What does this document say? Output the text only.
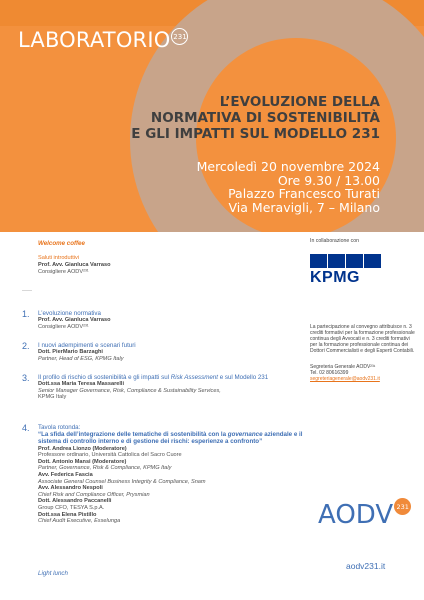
LABORATORIO 231
L’EVOLUZIONE DELLA
NORMATIVA DI SOSTENIBILITÀ
E GLI IMPATTI SUL MODELLO 231
Mercoledì 20 novembre 2024
Ore 9.30 / 13.00
Palazzo Francesco Turati
Via Meravigli, 7 – Milano
Welcome coffee
Saluti introduttivi
Prof. Avv. Gianluca Varraso
Consigliere AODV²³¹
1.	L’evoluzione normativa
Prof. Avv. Gianluca Varraso
Consigliere AODV²³¹
2.	I nuovi adempimenti e scenari futuri
Dott. PierMario Barzaghi
Partner, Head of ESG, KPMG Italy
3.	Il profilo di rischio di sostenibilità e gli impatti sul Risk Assessment e sul Modello 231
Dott.ssa Maria Teresa Massarelli
Senior Manager Governance, Risk, Compliance & Sustainability Services,
KPMG Italy
4.	Tavola rotonda:
“La sfida dell’integrazione delle tematiche di sostenibilità con la governance aziendale e il sistema di controllo interno e di gestione dei rischi: esperienze a confronto”
Prof. Andrea Lionzo (Moderatore)
Professore ordinario, Università Cattolica del Sacro Cuore
Dott. Antonio Mansi (Moderatore)
Partner, Governance, Risk & Compliance, KPMG Italy
Avv. Federica Fascia
Associate General Counsel Business Integrity & Compliance, Snam
Avv. Alessandro Nespoli
Chief Risk and Compliance Officer, Prysmian
Dott. Alessandro Paccanelli
Group CFO, TESYA S.p.A.
Dott.ssa Elena Pistillo
Chief Audit Executive, Esselunga
Light lunch
In collaborazione con
KPMG
La partecipazione al convegno attribuisce n. 3 crediti formativi per la formazione professionale continua degli Avvocati e n. 3 crediti formativi per la formazione professionale continua dei Dottori Commercialisti e degli Esperti Contabili.
Segreteria Generale AODV²³¹
Tel. 02 80616399
segreteriagenerale@aodv231.it
AODV 231
aodv231.it
